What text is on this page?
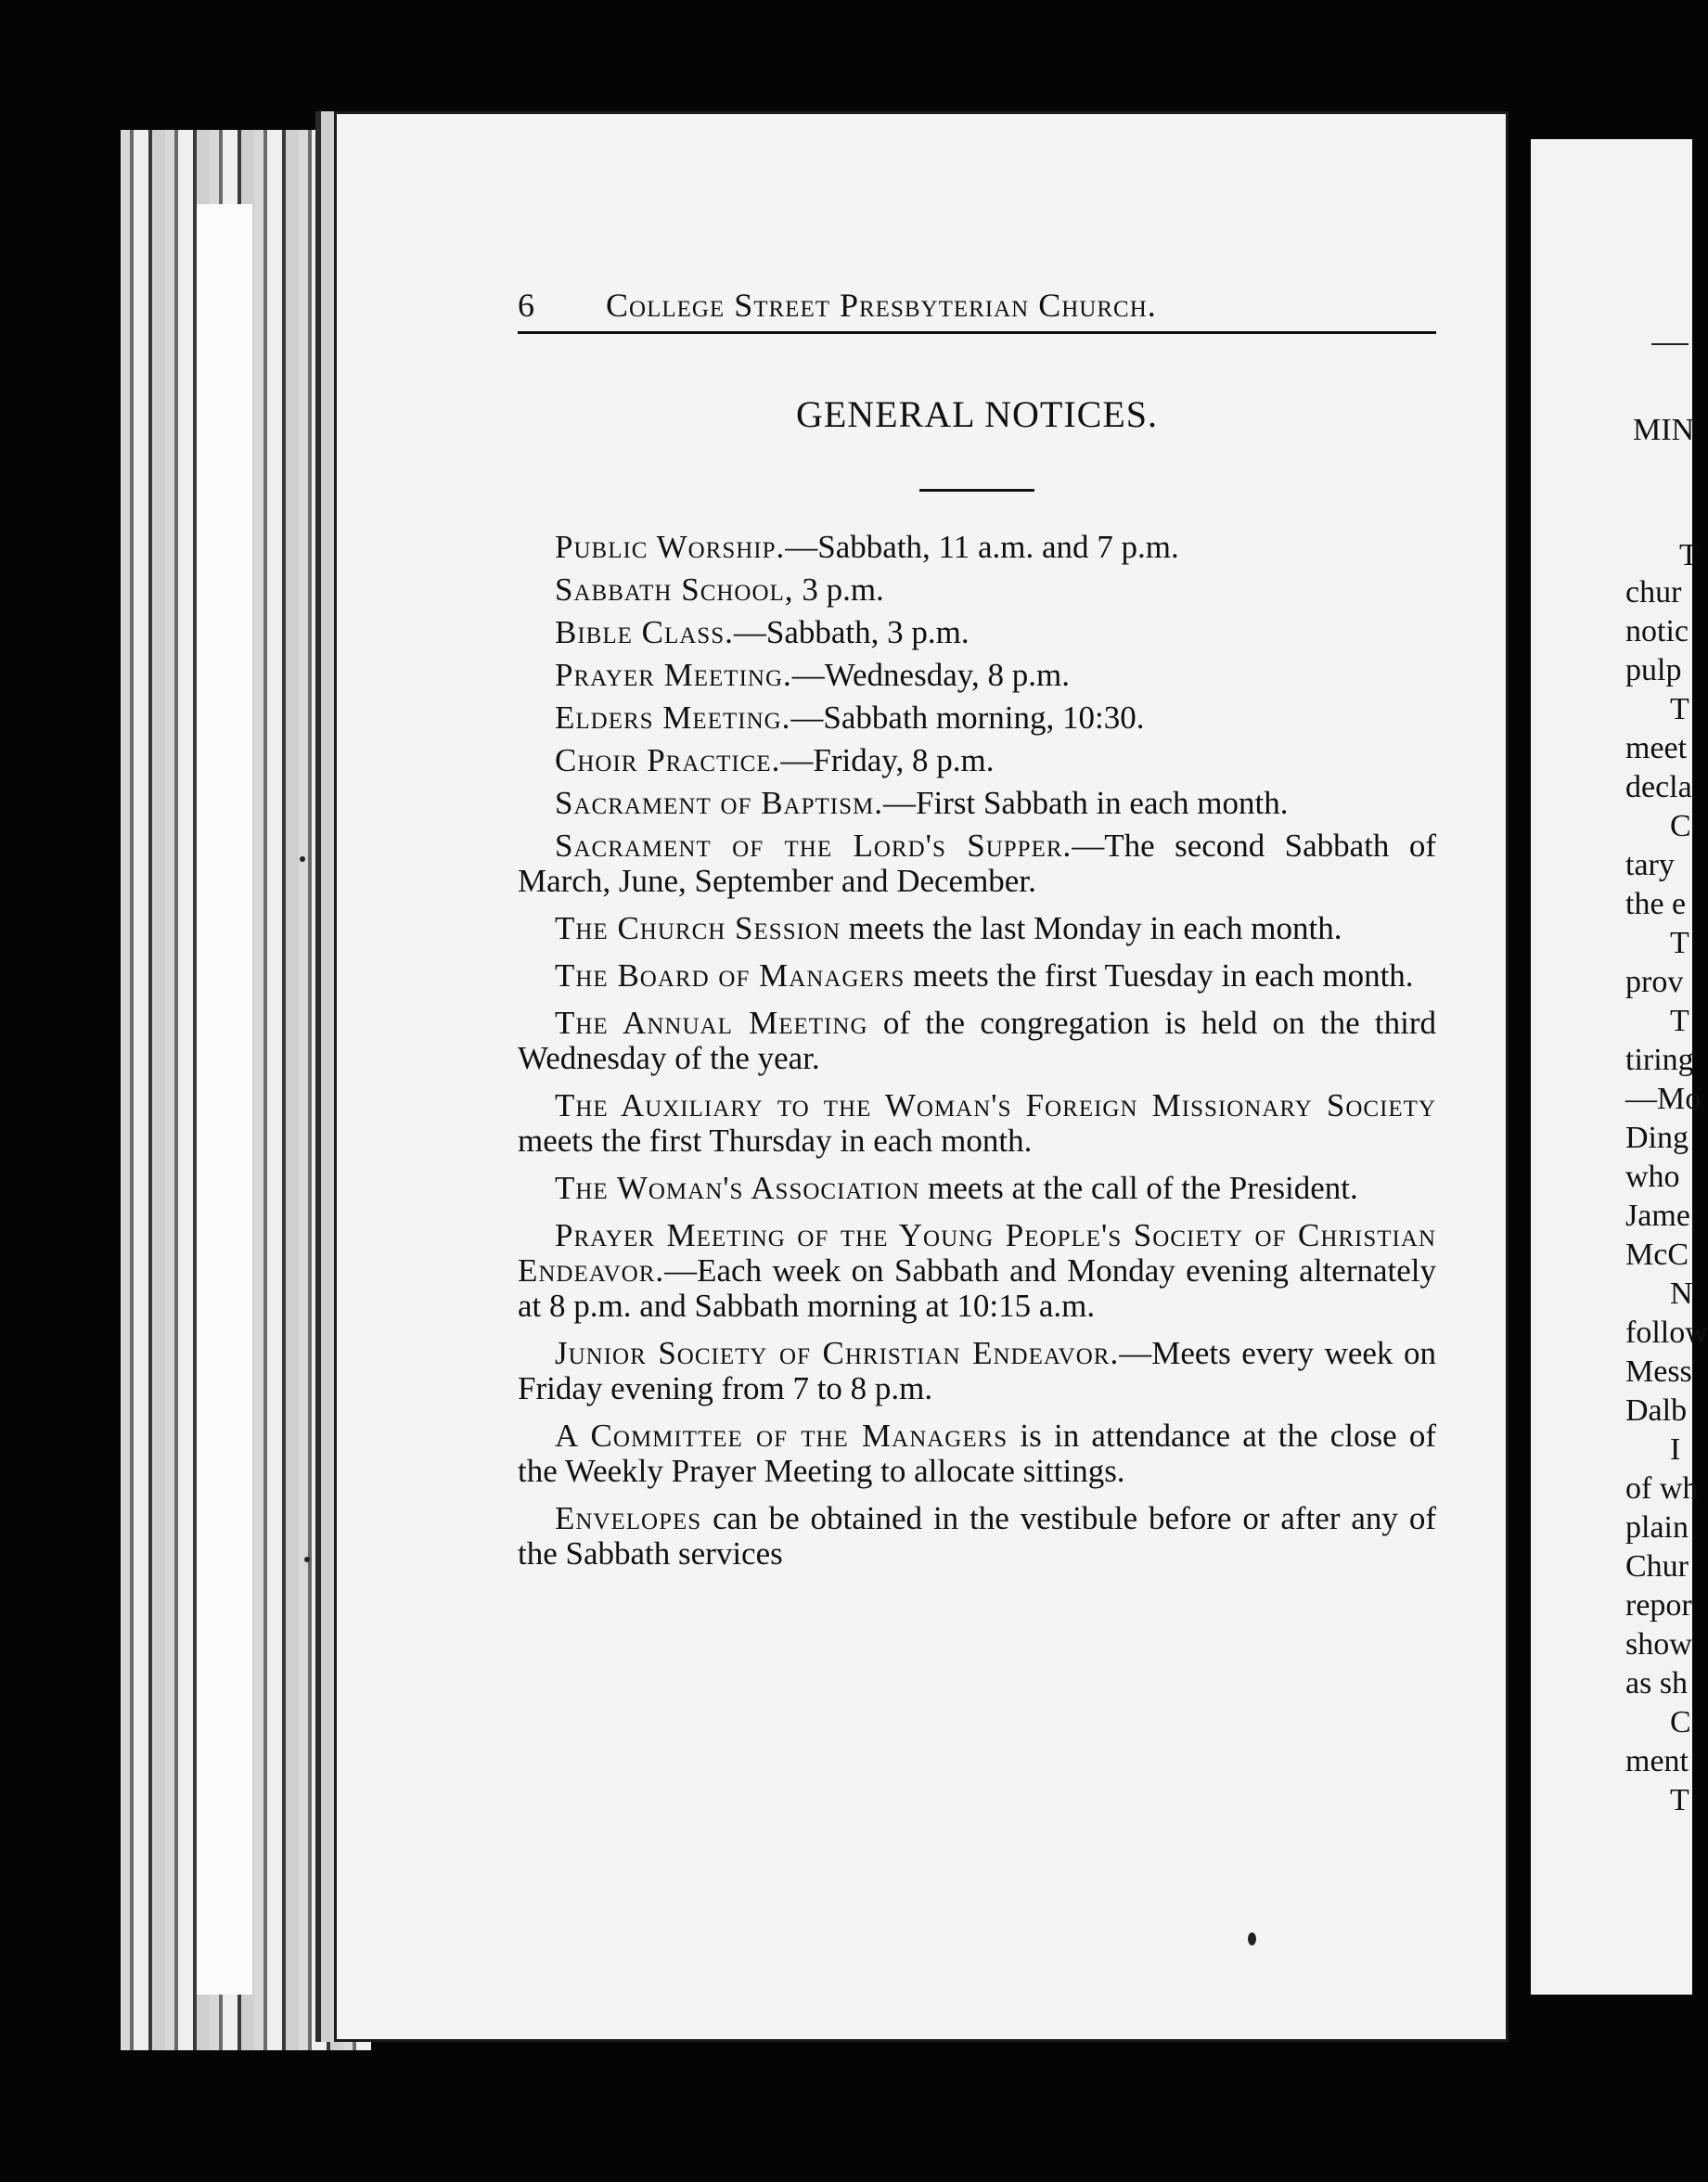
6	College Street Presbyterian Church.
GENERAL NOTICES.

Public Worship.—Sabbath, 11 a.m. and 7 p.m.

Sabbath School, 3 p.m.

Bible Class.—Sabbath, 3 p.m.

Prayer Meeting.—Wednesday, 8 p.m.

Elders Meeting.—Sabbath morning, 10:30.

Choir Practice.—Friday, 8 p.m.

Sacrament of Baptism.—First Sabbath in each month.

Sacrament of the Lord's Supper.—The second Sabbath of March, June, September and December.

The Church Session meets the last Monday in each month.

The Board of Managers meets the first Tuesday in each month.

The Annual Meeting of the congregation is held on the third Wednesday of the year.

The Auxiliary to the Woman's Foreign Missionary Society meets the first Thursday in each month.

The Woman's Association meets at the call of the President.

Prayer Meeting of the Young People's Society of Christian Endeavor.—Each week on Sabbath and Monday evening alternately at 8 p.m. and Sabbath morning at 10:15 a.m.

Junior Society of Christian Endeavor.—Meets every week on Friday evening from 7 to 8 p.m.

A Committee of the Managers is in attendance at the close of the Weekly Prayer Meeting to allocate sittings.

Envelopes can be obtained in the vestibule before or after any of the Sabbath services

MIN
T
chur
notic
pulp
T
meet
decla
C
tary
the e
T
prov
T
tiring
—Mo
Ding
who
Jame
McC
N
follow
Mess
Dalb
I
of wh
plain
Chur
repor
show
as sh
C
ment
T
